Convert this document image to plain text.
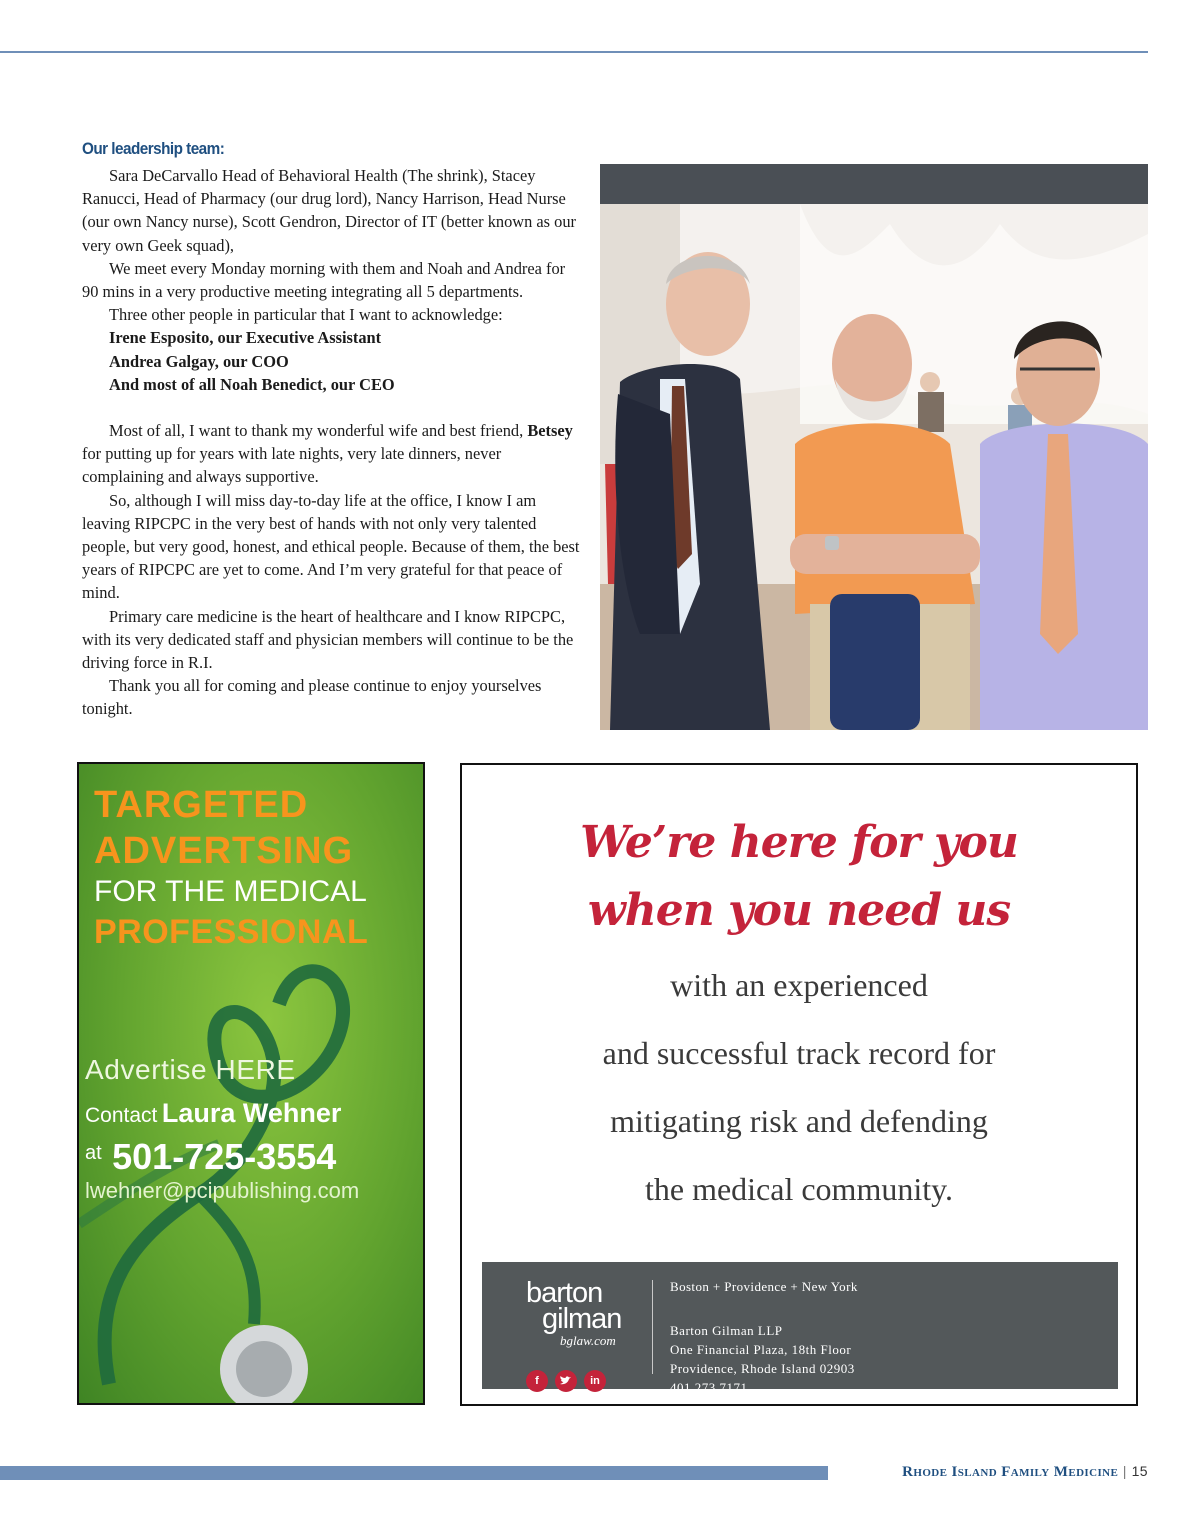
Our leadership team:

Sara DeCarvallo Head of Behavioral Health (The shrink), Stacey Ranucci, Head of Pharmacy (our drug lord), Nancy Harrison, Head Nurse (our own Nancy nurse), Scott Gendron, Director of IT (better known as our very own Geek squad),

We meet every Monday morning with them and Noah and Andrea for 90 mins in a very productive meeting integrating all 5 departments.

Three other people in particular that I want to acknowledge:

Irene Esposito, our Executive Assistant

Andrea Galgay, our COO

And most of all Noah Benedict, our CEO

Most of all, I want to thank my wonderful wife and best friend, Betsey for putting up for years with late nights, very late dinners, never complaining and always supportive.

So, although I will miss day-to-day life at the office, I know I am leaving RIPCPC in the very best of hands with not only very talented people, but very good, honest, and ethical people. Because of them, the best years of RIPCPC are yet to come. And I’m very grateful for that peace of mind.

Primary care medicine is the heart of healthcare and I know RIPCPC, with its very dedicated staff and physician members will continue to be the driving force in R.I.

Thank you all for coming and please continue to enjoy yourselves tonight.

TARGETED
ADVERTSING
FOR THE MEDICAL
PROFESSIONAL
Advertise HERE
Contact Laura Wehner
at 501-725-3554
lwehner@pcipublishing.com
We’re here for you
when you need us
with an experienced
and successful track record for
mitigating risk and defending
the medical community.
barton
gilman
bglaw.com
f	in
Boston + Providence + New York
Barton Gilman LLP
One Financial Plaza, 18th Floor
Providence, Rhode Island 02903
401.273.7171
Rhode Island Family Medicine | 15
